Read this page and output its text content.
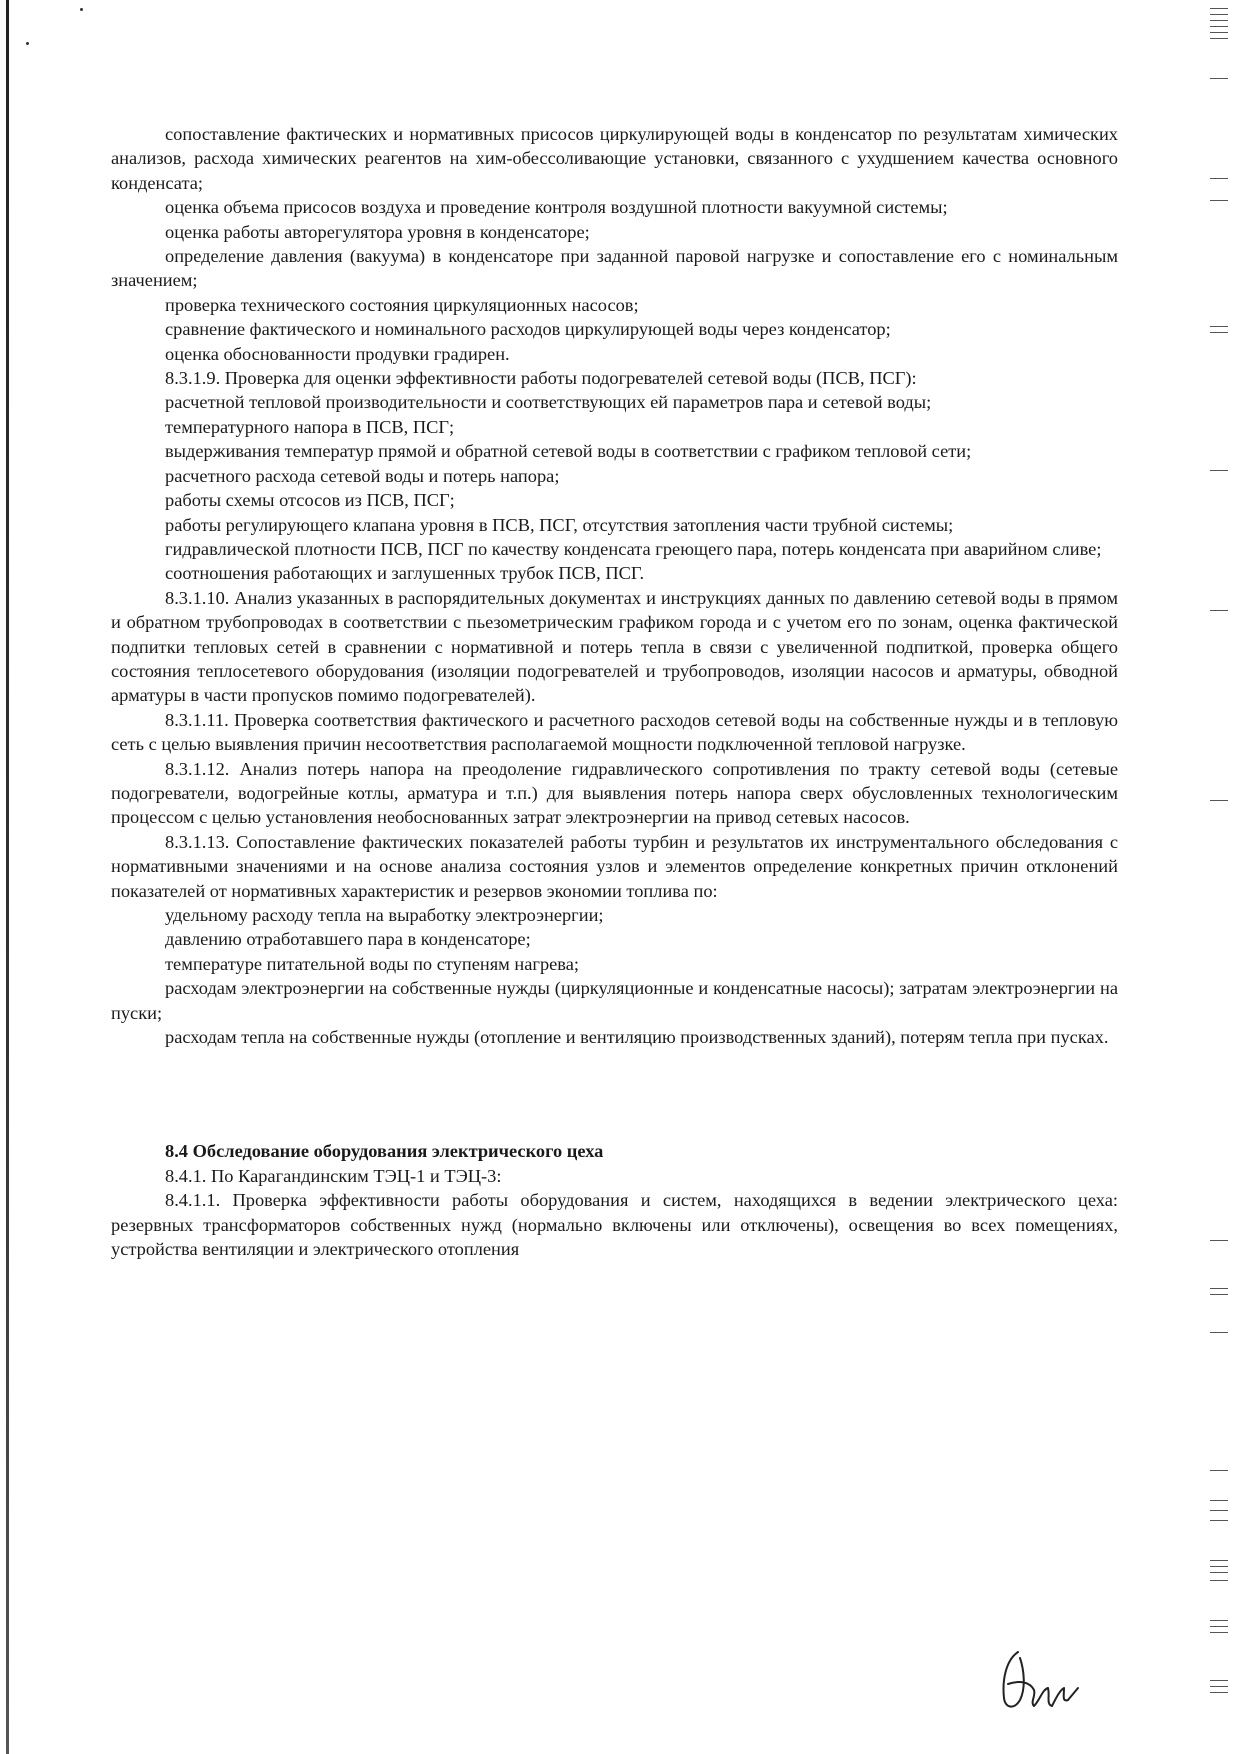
сопоставление фактических и нормативных присосов циркулирующей воды в конденсатор по результатам химических анализов, расхода химических реагентов на хим-обессоливающие установки, связанного с ухудшением качества основного конденсата;

оценка объема присосов воздуха и проведение контроля воздушной плотности вакуумной системы;

оценка работы авторегулятора уровня в конденсаторе;

определение давления (вакуума) в конденсаторе при заданной паровой нагрузке и сопоставление его с номинальным значением;

проверка технического состояния циркуляционных насосов;

сравнение фактического и номинального расходов циркулирующей воды через конденсатор;

оценка обоснованности продувки градирен.

8.3.1.9. Проверка для оценки эффективности работы подогревателей сетевой воды (ПСВ, ПСГ):

расчетной тепловой производительности и соответствующих ей параметров пара и сетевой воды;

температурного напора в ПСВ, ПСГ;

выдерживания температур прямой и обратной сетевой воды в соответствии с графиком тепловой сети;

расчетного расхода сетевой воды и потерь напора;

работы схемы отсосов из ПСВ, ПСГ;

работы регулирующего клапана уровня в ПСВ, ПСГ, отсутствия затопления части трубной системы;

гидравлической плотности ПСВ, ПСГ по качеству конденсата греющего пара, потерь конденсата при аварийном сливе;

соотношения работающих и заглушенных трубок ПСВ, ПСГ.

8.3.1.10. Анализ указанных в распорядительных документах и инструкциях данных по давлению сетевой воды в прямом и обратном трубопроводах в соответствии с пьезометрическим графиком города и с учетом его по зонам, оценка фактической подпитки тепловых сетей в сравнении с нормативной и потерь тепла в связи с увеличенной подпиткой, проверка общего состояния теплосетевого оборудования (изоляции подогревателей и трубопроводов, изоляции насосов и арматуры, обводной арматуры в части пропусков помимо подогревателей).

8.3.1.11. Проверка соответствия фактического и расчетного расходов сетевой воды на собственные нужды и в тепловую сеть с целью выявления причин несоответствия располагаемой мощности подключенной тепловой нагрузке.

8.3.1.12. Анализ потерь напора на преодоление гидравлического сопротивления по тракту сетевой воды (сетевые подогреватели, водогрейные котлы, арматура и т.п.) для выявления потерь напора сверх обусловленных технологическим процессом с целью установления необоснованных затрат электроэнергии на привод сетевых насосов.

8.3.1.13. Сопоставление фактических показателей работы турбин и результатов их инструментального обследования с нормативными значениями и на основе анализа состояния узлов и элементов определение конкретных причин отклонений показателей от нормативных характеристик и резервов экономии топлива по:

удельному расходу тепла на выработку электроэнергии;

давлению отработавшего пара в конденсаторе;

температуре питательной воды по ступеням нагрева;

расходам электроэнергии на собственные нужды (циркуляционные и конденсатные насосы); затратам электроэнергии на пуски;

расходам тепла на собственные нужды (отопление и вентиляцию производственных зданий), потерям тепла при пусках.

8.4 Обследование оборудования электрического цеха

8.4.1. По Карагандинским ТЭЦ-1 и ТЭЦ-3:

8.4.1.1. Проверка эффективности работы оборудования и систем, находящихся в ведении электрического цеха: резервных трансформаторов собственных нужд (нормально включены или отключены), освещения во всех помещениях, устройства вентиляции и электрического отопления
